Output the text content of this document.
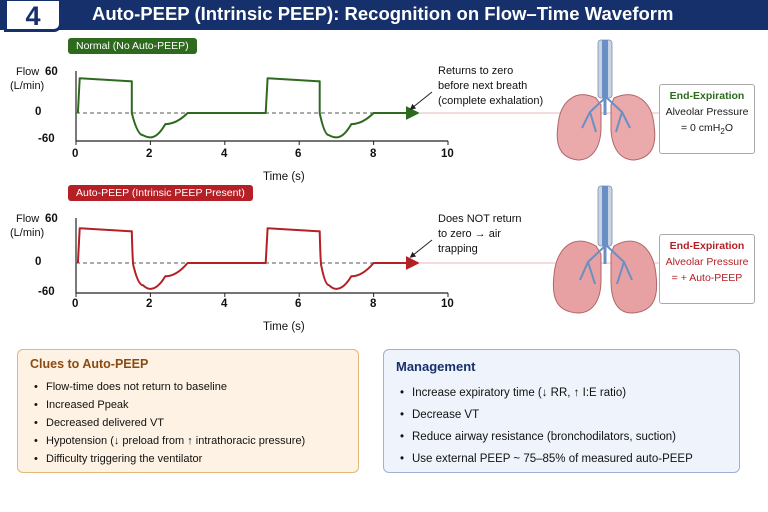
4	Auto-PEEP (Intrinsic PEEP): Recognition on Flow–Time Waveform
Normal (No Auto-PEEP)
Flow
(L/min)
Auto-PEEP (Intrinsic PEEP Present)
Flow
(L/min)
60
0
-60
0	2	4	6	8	10
Time (s)
60
0
-60
0	2	4	6	8	10
Time (s)
Returns to zero
before next breath
(complete exhalation)
Does NOT return
to zero → air
trapping
End-Expiration
Alveolar Pressure
= 0 cmH$_2$O
End-Expiration
Alveolar Pressure
= + Auto-PEEP
Clues to Auto-PEEP
• Flow-time does not return to baseline
• Increased Ppeak
• Decreased delivered VT
• Hypotension (↓ preload from ↑ intrathoracic pressure)
• Difficulty triggering the ventilator
Management
• Increase expiratory time (↓ RR, ↑ I:E ratio)
• Decrease VT
• Reduce airway resistance (bronchodilators, suction)
• Use external PEEP ~ 75–85% of measured auto-PEEP
